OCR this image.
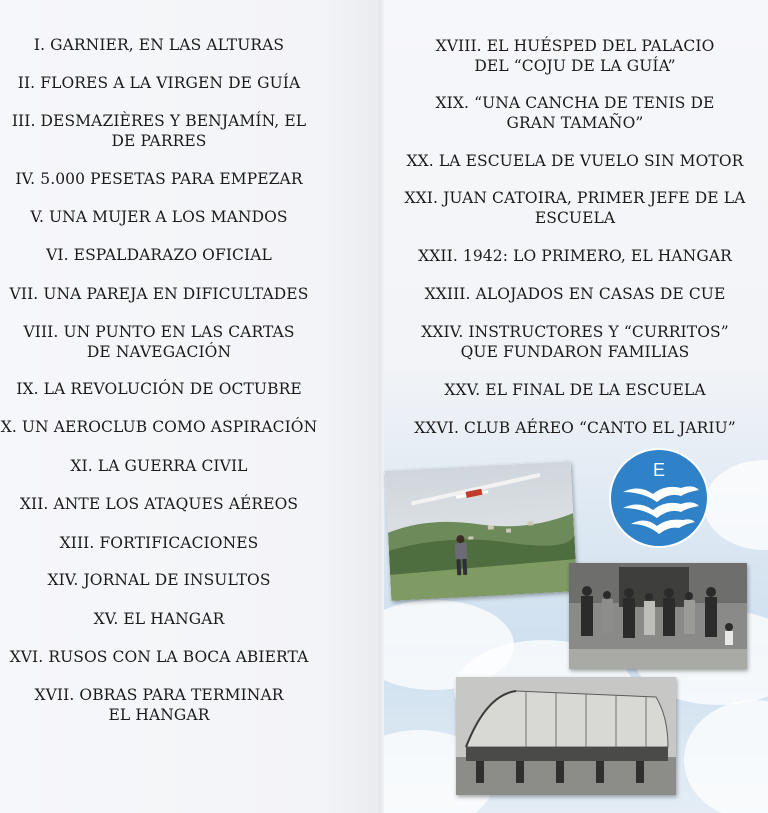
I. GARNIER, EN LAS ALTURAS
II. FLORES A LA VIRGEN DE GUÍA
III. DESMAZIÈRES Y BENJAMÍN, EL DE PARRES
IV. 5.000 PESETAS PARA EMPEZAR
V. UNA MUJER A LOS MANDOS
VI. ESPALDARAZO OFICIAL
VII. UNA PAREJA EN DIFICULTADES
VIII. UN PUNTO EN LAS CARTAS DE NAVEGACIÓN
IX. LA REVOLUCIÓN DE OCTUBRE
X. UN AEROCLUB COMO ASPIRACIÓN
XI. LA GUERRA CIVIL
XII. ANTE LOS ATAQUES AÉREOS
XIII. FORTIFICACIONES
XIV. JORNAL DE INSULTOS
XV. EL HANGAR
XVI. RUSOS CON LA BOCA ABIERTA
XVII. OBRAS PARA TERMINAR EL HANGAR
XVIII. EL HUÉSPED DEL PALACIO DEL “COJU DE LA GUÍA”
XIX. “UNA CANCHA DE TENIS DE GRAN TAMAÑO”
XX. LA ESCUELA DE VUELO SIN MOTOR
XXI. JUAN CATOIRA, PRIMER JEFE DE LA ESCUELA
XXII. 1942: LO PRIMERO, EL HANGAR
XXIII. ALOJADOS EN CASAS DE CUE
XXIV. INSTRUCTORES Y “CURRITOS” QUE FUNDARON FAMILIAS
XXV. EL FINAL DE LA ESCUELA
XXVI. CLUB AÉREO “CANTO EL JARIU”
E
